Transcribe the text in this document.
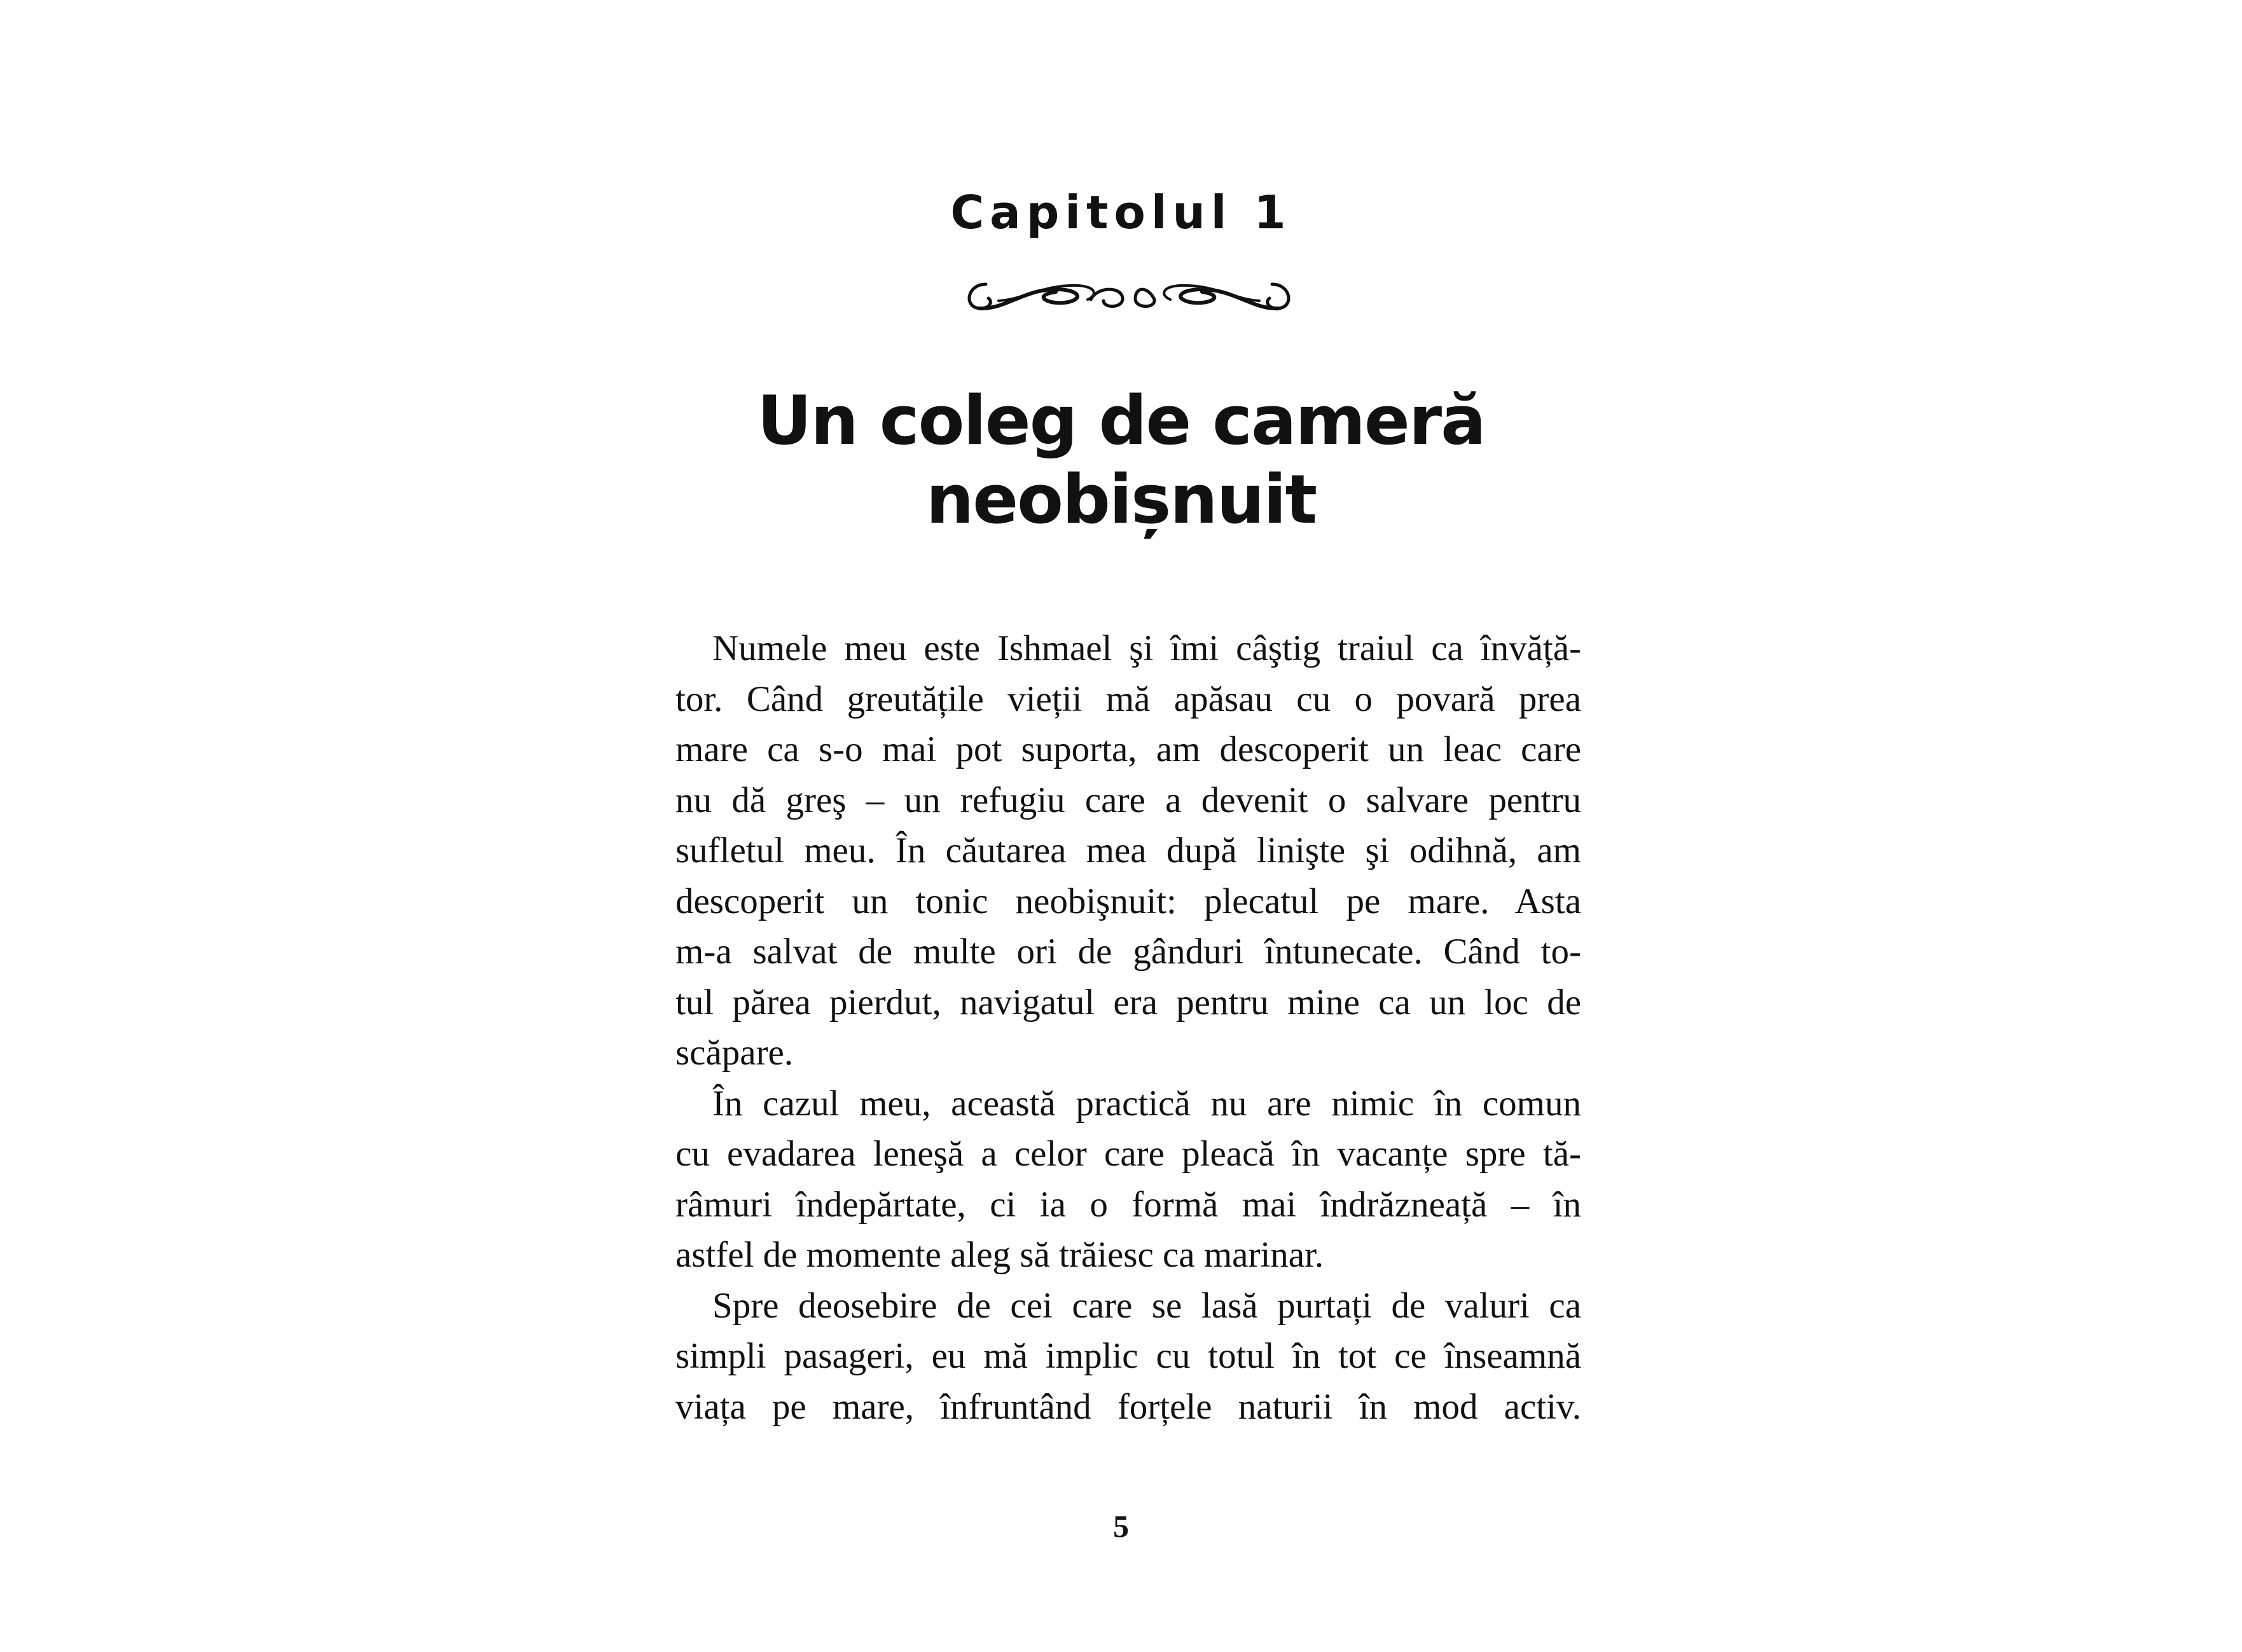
Capitolul 1
Un coleg de cameră
neobișnuit
Numele meu este Ishmael şi îmi câştig traiul ca învăță-
tor. Când greutățile vieții mă apăsau cu o povară prea
mare ca s-o mai pot suporta, am descoperit un leac care
nu dă greş – un refugiu care a devenit o salvare pentru
sufletul meu. În căutarea mea după linişte şi odihnă, am
descoperit un tonic neobişnuit: plecatul pe mare. Asta
m-a salvat de multe ori de gânduri întunecate. Când to-
tul părea pierdut, navigatul era pentru mine ca un loc de
scăpare.
În cazul meu, această practică nu are nimic în comun
cu evadarea leneşă a celor care pleacă în vacanțe spre tă-
râmuri îndepărtate, ci ia o formă mai îndrăzneață – în
astfel de momente aleg să trăiesc ca marinar.
Spre deosebire de cei care se lasă purtați de valuri ca
simpli pasageri, eu mă implic cu totul în tot ce înseamnă
viața pe mare, înfruntând forțele naturii în mod activ.
5
